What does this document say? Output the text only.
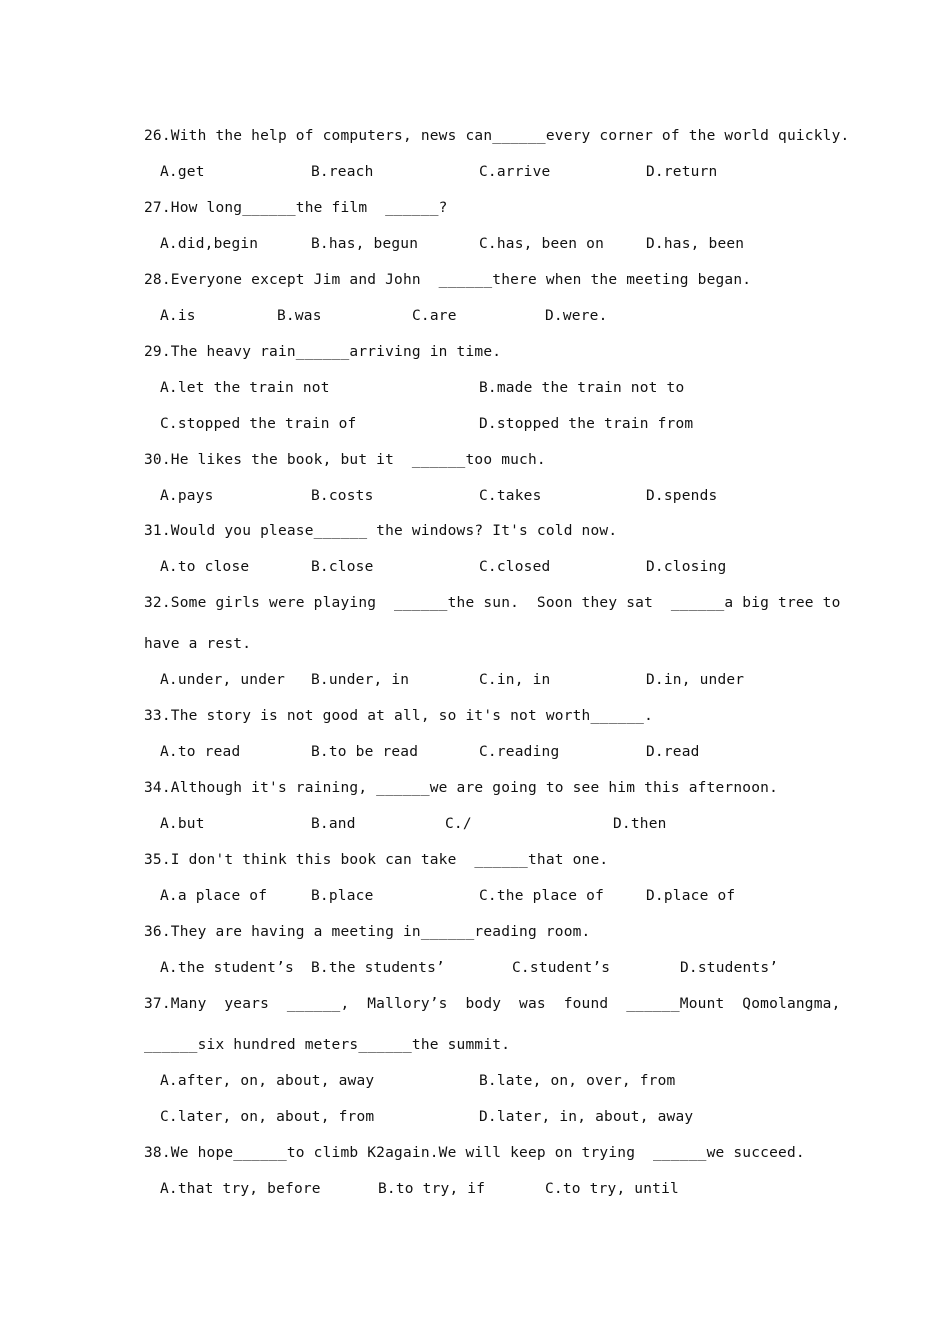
26.With the help of computers, news can______every corner of the world quickly.
A.get	B.reach	C.arrive	D.return
27.How long______the film  ______?
A.did,begin	B.has, begun	C.has, been on	D.has, been
28.Everyone except Jim and John  ______there when the meeting began.
A.is	B.was	C.are	D.were.
29.The heavy rain______arriving in time.
A.let the train not	B.made the train not to
C.stopped the train of	D.stopped the train from
30.He likes the book, but it  ______too much.
A.pays	B.costs	C.takes	D.spends
31.Would you please______ the windows? It's cold now.
A.to close	B.close	C.closed	D.closing
32.Some girls were playing  ______the sun.  Soon they sat  ______a big tree to
have a rest.
A.under, under B.under, in	C.in, in	D.in, under
33.The story is not good at all, so it's not worth______.
A.to read	B.to be read	C.reading	D.read
34.Although it's raining, ______we are going to see him this afternoon.
A.but	B.and	C./	D.then
35.I don't think this book can take  ______that one.
A.a place of	B.place	C.the place of	D.place of
36.They are having a meeting in______reading room.
A.the student’s B.the students’	C.student’s	D.students’
37.Many  years  ______,  Mallory’s  body  was  found  ______Mount  Qomolangma,
______six hundred meters______the summit.
A.after, on, about, away	B.late, on, over, from
C.later, on, about, from	D.later, in, about, away
38.We hope______to climb K2again.We will keep on trying  ______we succeed.
A.that try, before	B.to try, if	C.to try, until
